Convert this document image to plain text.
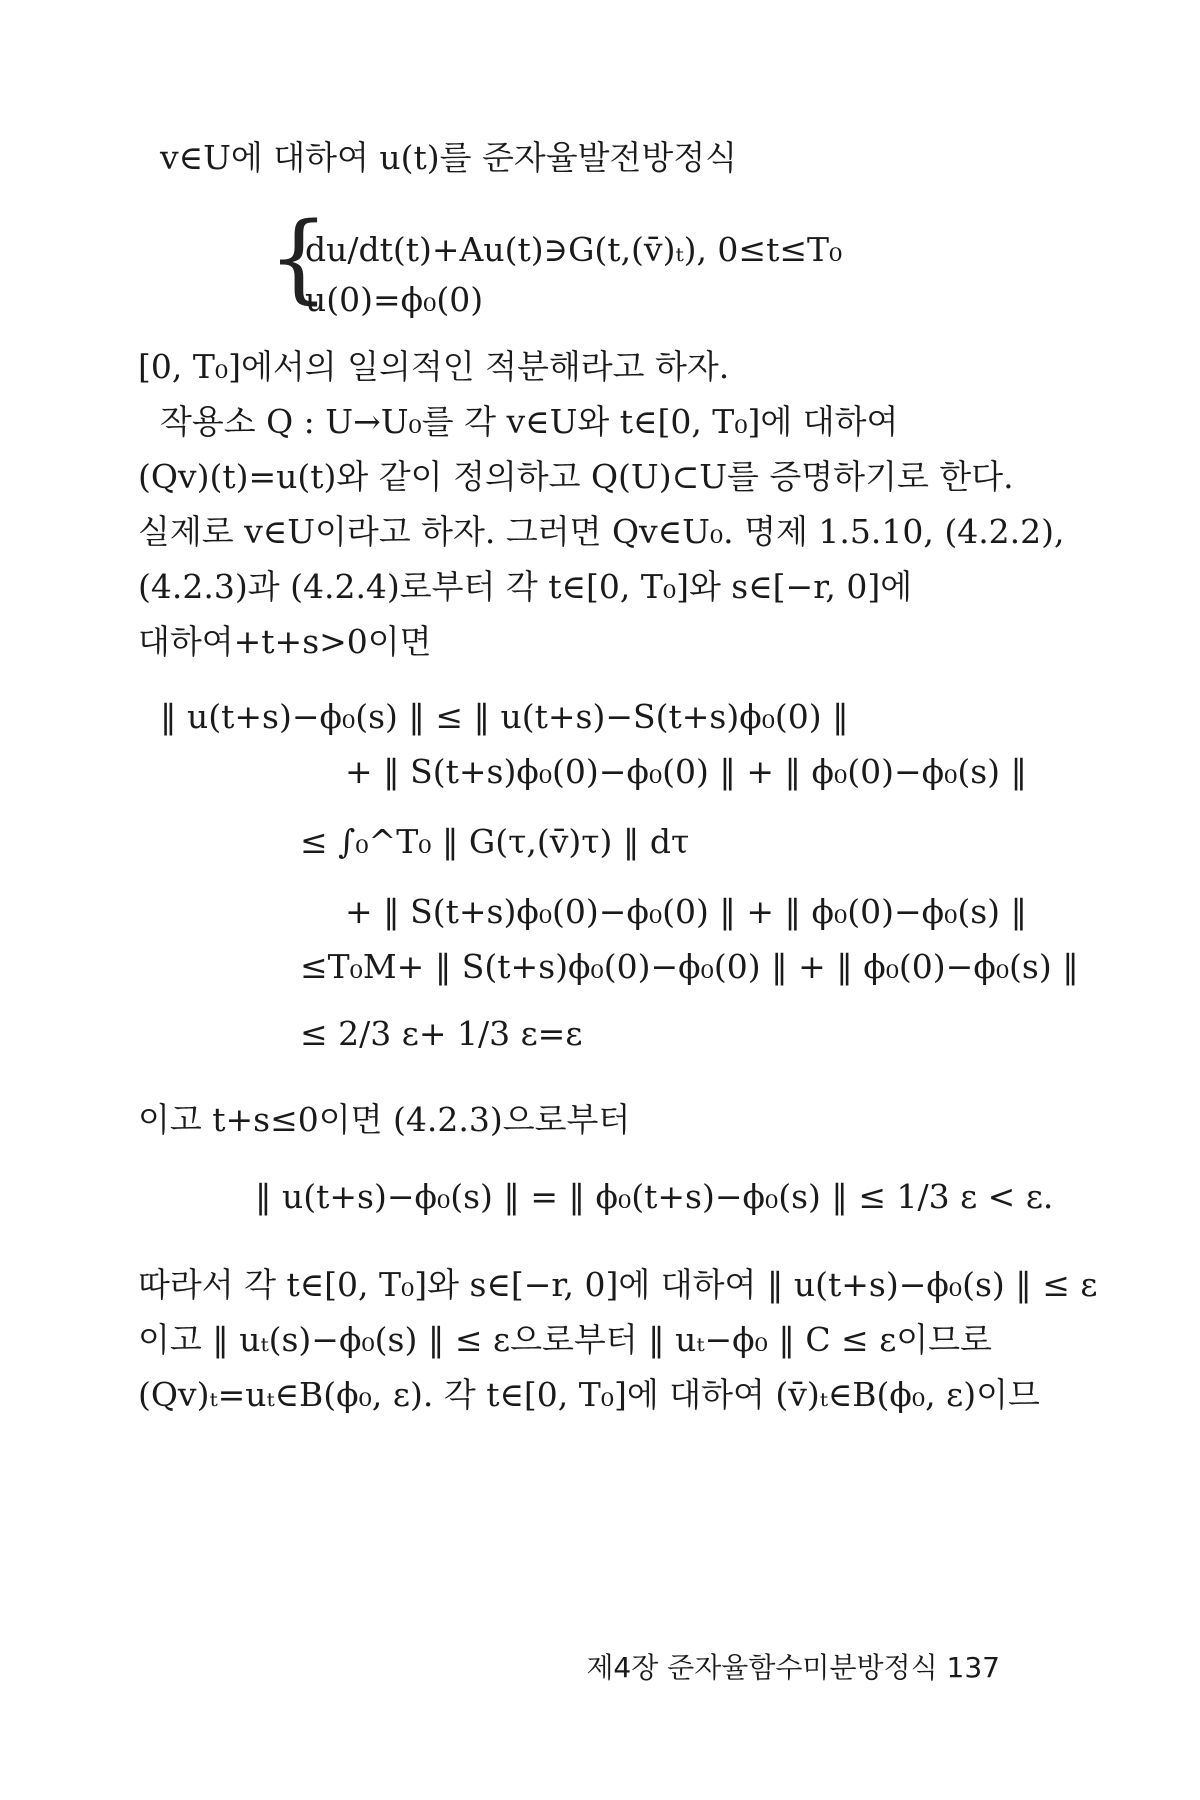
v∈U에 대하여 u(t)를 준자율발전방정식
{
du/dt(t)+Au(t)∋G(t,(v̄)ₜ), 0≤t≤T₀
u(0)=ϕ₀(0)
[0, T₀]에서의 일의적인 적분해라고 하자.
작용소 Q : U→U₀를 각 v∈U와 t∈[0, T₀]에 대하여
(Qv)(t)=u(t)와 같이 정의하고 Q(U)⊂U를 증명하기로 한다.
실제로 v∈U이라고 하자. 그러면 Qv∈U₀. 명제 1.5.10, (4.2.2),
(4.2.3)과 (4.2.4)로부터 각 t∈[0, T₀]와 s∈[−r, 0]에
대하여+t+s>0이면
‖ u(t+s)−ϕ₀(s) ‖ ≤ ‖ u(t+s)−S(t+s)ϕ₀(0) ‖
+ ‖ S(t+s)ϕ₀(0)−ϕ₀(0) ‖ + ‖ ϕ₀(0)−ϕ₀(s) ‖
≤ ∫₀^T₀ ‖ G(τ,(v̄)τ) ‖ dτ
+ ‖ S(t+s)ϕ₀(0)−ϕ₀(0) ‖ + ‖ ϕ₀(0)−ϕ₀(s) ‖
≤T₀M+ ‖ S(t+s)ϕ₀(0)−ϕ₀(0) ‖ + ‖ ϕ₀(0)−ϕ₀(s) ‖
≤ 2/3 ε+ 1/3 ε=ε
이고 t+s≤0이면 (4.2.3)으로부터
‖ u(t+s)−ϕ₀(s) ‖ = ‖ ϕ₀(t+s)−ϕ₀(s) ‖ ≤ 1/3 ε < ε.
따라서 각 t∈[0, T₀]와 s∈[−r, 0]에 대하여 ‖ u(t+s)−ϕ₀(s) ‖ ≤ ε
이고 ‖ uₜ(s)−ϕ₀(s) ‖ ≤ ε으로부터 ‖ uₜ−ϕ₀ ‖ C ≤ ε이므로
(Qv)ₜ=uₜ∈B(ϕ₀, ε). 각 t∈[0, T₀]에 대하여 (v̄)ₜ∈B(ϕ₀, ε)이므
제4장 준자율함수미분방정식 137
